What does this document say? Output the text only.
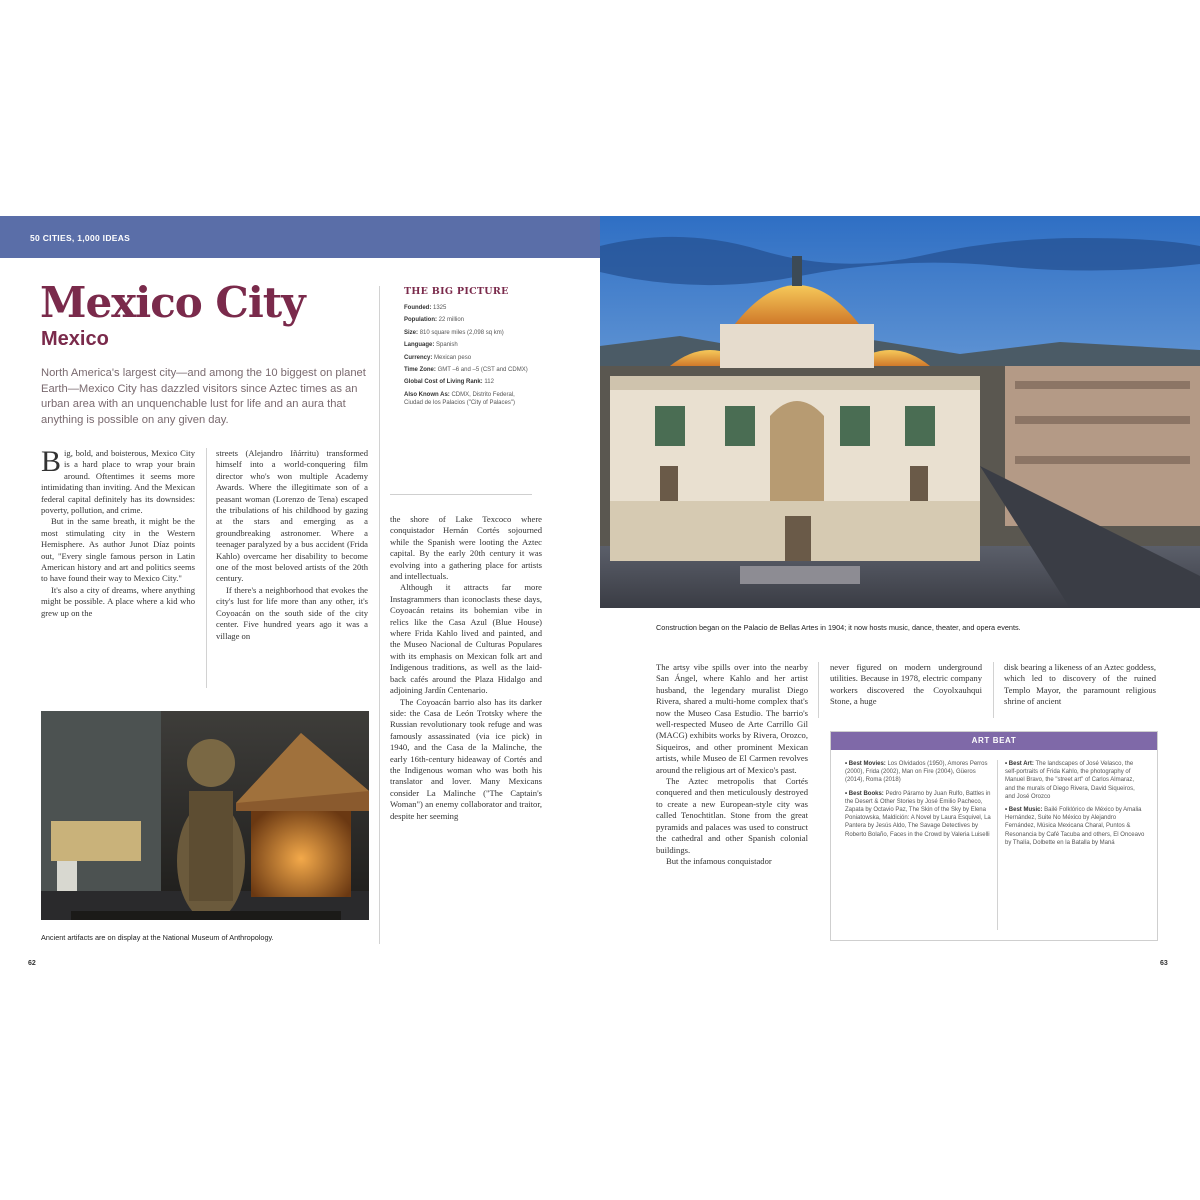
50 CITIES, 1,000 IDEAS
Mexico City
Mexico

North America's largest city—and among the 10 biggest on planet Earth—Mexico City has dazzled visitors since Aztec times as an urban area with an unquenchable lust for life and an aura that anything is possible on any given day.

Big, bold, and boisterous, Mexico City is a hard place to wrap your brain around. Oftentimes it seems more intimidating than inviting. And the Mexican federal capital definitely has its downsides: poverty, pollution, and crime.

But in the same breath, it might be the most stimulating city in the Western Hemisphere. As author Junot Díaz points out, "Every single famous person in Latin American history and art and politics seems to have found their way to Mexico City."

It's also a city of dreams, where anything might be possible. A place where a kid who grew up on the

streets (Alejandro Iñárritu) transformed himself into a world-conquering film director who's won multiple Academy Awards. Where the illegitimate son of a peasant woman (Lorenzo de Tena) escaped the tribulations of his childhood by gazing at the stars and emerging as a groundbreaking astronomer. Where a teenager paralyzed by a bus accident (Frida Kahlo) overcame her disability to become one of the most beloved artists of the 20th century.

If there's a neighborhood that evokes the city's lust for life more than any other, it's Coyoacán on the south side of the city center. Five hundred years ago it was a village on

THE BIG PICTURE
Founded: 1325
Population: 22 million
Size: 810 square miles (2,098 sq km)
Language: Spanish
Currency: Mexican peso
Time Zone: GMT –6 and –5 (CST and CDMX)
Global Cost of Living Rank: 112
Also Known As: CDMX, Distrito Federal, Ciudad de los Palacios ("City of Palaces")

the shore of Lake Texcoco where conquistador Hernán Cortés sojourned while the Spanish were looting the Aztec capital. By the early 20th century it was evolving into a gathering place for artists and intellectuals.

Although it attracts far more Instagrammers than iconoclasts these days, Coyoacán retains its bohemian vibe in relics like the Casa Azul (Blue House) where Frida Kahlo lived and painted, and the Museo Nacional de Culturas Populares with its emphasis on Mexican folk art and Indigenous traditions, as well as the laid-back cafés around the Plaza Hidalgo and adjoining Jardín Centenario.

The Coyoacán barrio also has its darker side: the Casa de León Trotsky where the Russian revolutionary took refuge and was famously assassinated (via ice pick) in 1940, and the Casa de la Malinche, the early 16th-century hideaway of Cortés and the Indigenous woman who was both his translator and lover. Many Mexicans consider La Malinche ("The Captain's Woman") an enemy collaborator and traitor, despite her seeming

Ancient artifacts are on display at the National Museum of Anthropology.
Construction began on the Palacio de Bellas Artes in 1904; it now hosts music, dance, theater, and opera events.

The artsy vibe spills over into the nearby San Ángel, where Kahlo and her artist husband, the legendary muralist Diego Rivera, shared a multi-home complex that's now the Museo Casa Estudio. The barrio's well-respected Museo de Arte Carrillo Gil (MACG) exhibits works by Rivera, Orozco, Siqueiros, and other prominent Mexican artists, while Museo de El Carmen revolves around the religious art of Mexico's past.

The Aztec metropolis that Cortés conquered and then meticulously destroyed to create a new European-style city was called Tenochtitlan. Stone from the great pyramids and palaces was used to construct the cathedral and other Spanish colonial buildings.

But the infamous conquistador

never figured on modern underground utilities. Because in 1978, electric company workers discovered the Coyolxauhqui Stone, a huge

disk bearing a likeness of an Aztec goddess, which led to discovery of the ruined Templo Mayor, the paramount religious shrine of ancient

ART BEAT
• Best Movies: Los Olvidados (1950), Amores Perros (2000), Frida (2002), Man on Fire (2004), Güeros (2014), Roma (2018)
• Best Books: Pedro Páramo by Juan Rulfo, Battles in the Desert & Other Stories by José Emilio Pacheco, Zapata by Octavio Paz, The Skin of the Sky by Elena Poniatowska, Maldición: A Novel by Laura Esquivel, La Pantera by Jesús Aldo, The Savage Detectives by Roberto Bolaño, Faces in the Crowd by Valeria Luiselli
• Best Art: The landscapes of José Velasco, the self-portraits of Frida Kahlo, the photography of Manuel Bravo, the "street art" of Carlos Almaraz, and the murals of Diego Rivera, David Siqueiros, and José Orozco
• Best Music: Bailé Folklórico de México by Amalia Hernández, Suite No México by Alejandro Fernández, Música Mexicana Charal, Puntos & Resonancia by Café Tacuba and others, El Onceavo by Thalía, Dolbette en la Batalla by Maná
62	63
